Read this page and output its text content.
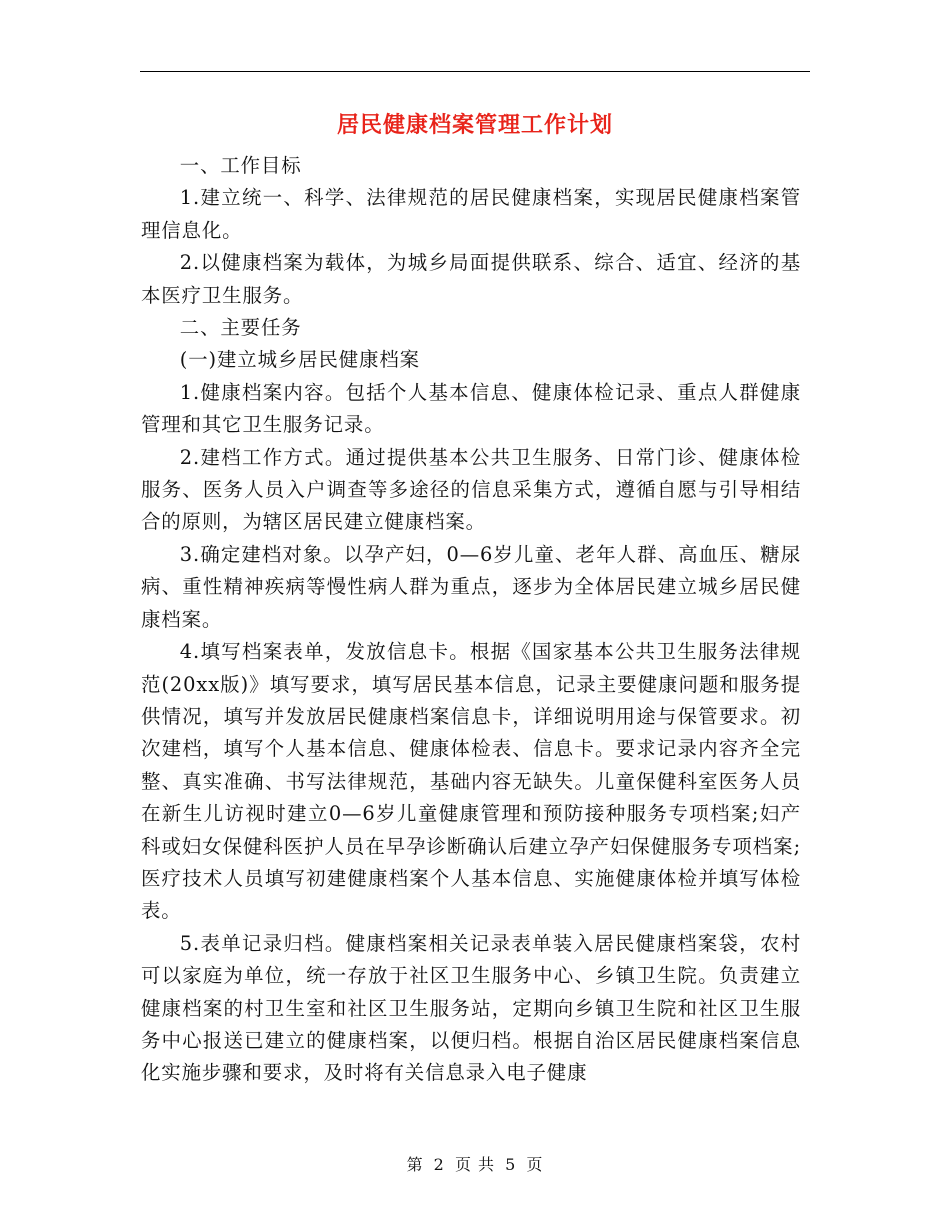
居民健康档案管理工作计划

一、工作目标

1.建立统一、科学、法律规范的居民健康档案，实现居民健康档案管理信息化。

2.以健康档案为载体，为城乡局面提供联系、综合、适宜、经济的基本医疗卫生服务。

二、主要任务

(一)建立城乡居民健康档案

1.健康档案内容。包括个人基本信息、健康体检记录、重点人群健康管理和其它卫生服务记录。

2.建档工作方式。通过提供基本公共卫生服务、日常门诊、健康体检服务、医务人员入户调查等多途径的信息采集方式，遵循自愿与引导相结合的原则，为辖区居民建立健康档案。

3.确定建档对象。以孕产妇，0—6岁儿童、老年人群、高血压、糖尿病、重性精神疾病等慢性病人群为重点，逐步为全体居民建立城乡居民健康档案。

4.填写档案表单，发放信息卡。根据《国家基本公共卫生服务法律规范(20xx版)》填写要求，填写居民基本信息，记录主要健康问题和服务提供情况，填写并发放居民健康档案信息卡，详细说明用途与保管要求。初次建档，填写个人基本信息、健康体检表、信息卡。要求记录内容齐全完整、真实准确、书写法律规范，基础内容无缺失。儿童保健科室医务人员在新生儿访视时建立0—6岁儿童健康管理和预防接种服务专项档案;妇产科或妇女保健科医护人员在早孕诊断确认后建立孕产妇保健服务专项档案;医疗技术人员填写初建健康档案个人基本信息、实施健康体检并填写体检表。

5.表单记录归档。健康档案相关记录表单装入居民健康档案袋，农村可以家庭为单位，统一存放于社区卫生服务中心、乡镇卫生院。负责建立健康档案的村卫生室和社区卫生服务站，定期向乡镇卫生院和社区卫生服务中心报送已建立的健康档案，以便归档。根据自治区居民健康档案信息化实施步骤和要求，及时将有关信息录入电子健康

第 2 页 共 5 页
